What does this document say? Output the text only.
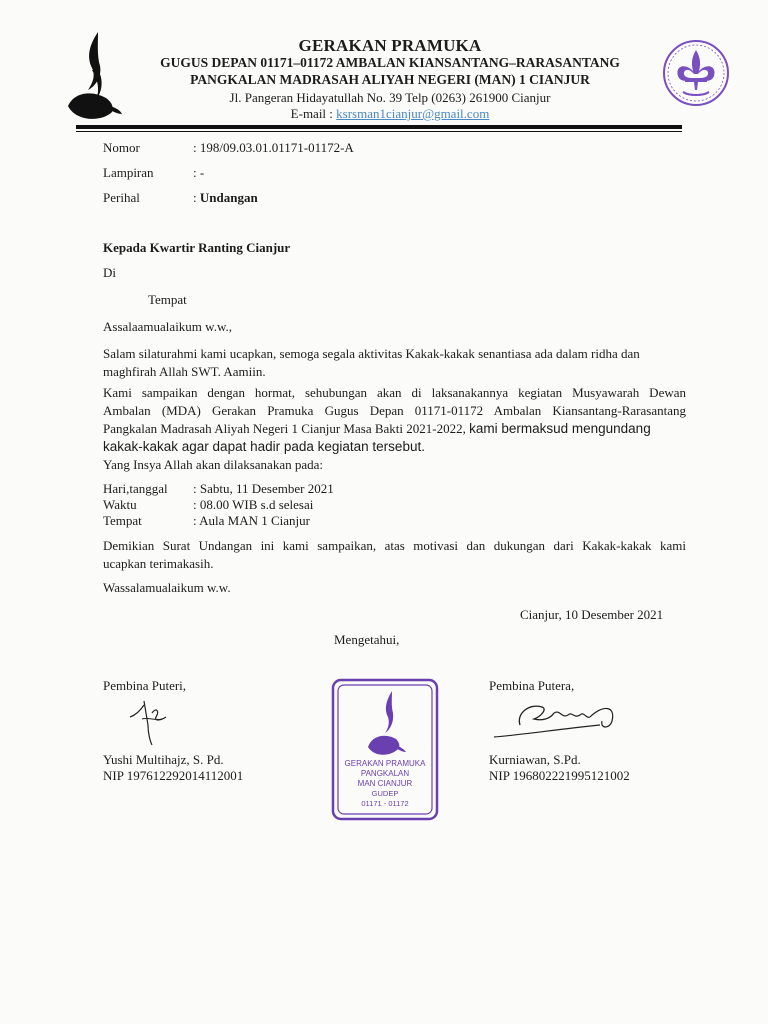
GERAKAN PRAMUKA
GUGUS DEPAN 01171–01172 AMBALAN KIANSANTANG–RARASANTANG
PANGKALAN MADRASAH ALIYAH NEGERI (MAN) 1 CIANJUR
Jl. Pangeran Hidayatullah No. 39 Telp (0263) 261900 Cianjur
E-mail : ksrsman1cianjur@gmail.com
Nomor	: 198/09.03.01.01171-01172-A
Lampiran	: -
Perihal	: Undangan
Kepada Kwartir Ranting Cianjur
Di
Tempat
Assalaamualaikum w.w.,
Salam silaturahmi kami ucapkan, semoga segala aktivitas Kakak-kakak senantiasa ada dalam ridha dan
maghfirah Allah SWT. Aamiin.
Kami sampaikan dengan hormat, sehubungan akan di laksanakannya kegiatan Musyawarah Dewan
Ambalan (MDA) Gerakan Pramuka Gugus Depan 01171-01172 Ambalan Kiansantang-Rarasantang
Pangkalan Madrasah Aliyah Negeri 1 Cianjur Masa Bakti 2021-2022, kami bermaksud mengundang
kakak-kakak agar dapat hadir pada kegiatan tersebut.
Yang Insya Allah akan dilaksanakan pada:
Hari,tanggal : Sabtu, 11 Desember 2021
Waktu	: 08.00 WIB s.d selesai
Tempat	: Aula MAN 1 Cianjur
Demikian Surat Undangan ini kami sampaikan, atas motivasi dan dukungan dari Kakak-kakak kami
ucapkan terimakasih.
Wassalamualaikum w.w.
Cianjur, 10 Desember 2021
Mengetahui,
Pembina Puteri,
Yushi Multihajz, S. Pd.
NIP 197612292014112001
Pembina Putera,
Kurniawan, S.Pd.
NIP 196802221995121002
GERAKAN PRAMUKA
PANGKALAN
MAN CIANJUR
GUDEP
01171 - 01172
